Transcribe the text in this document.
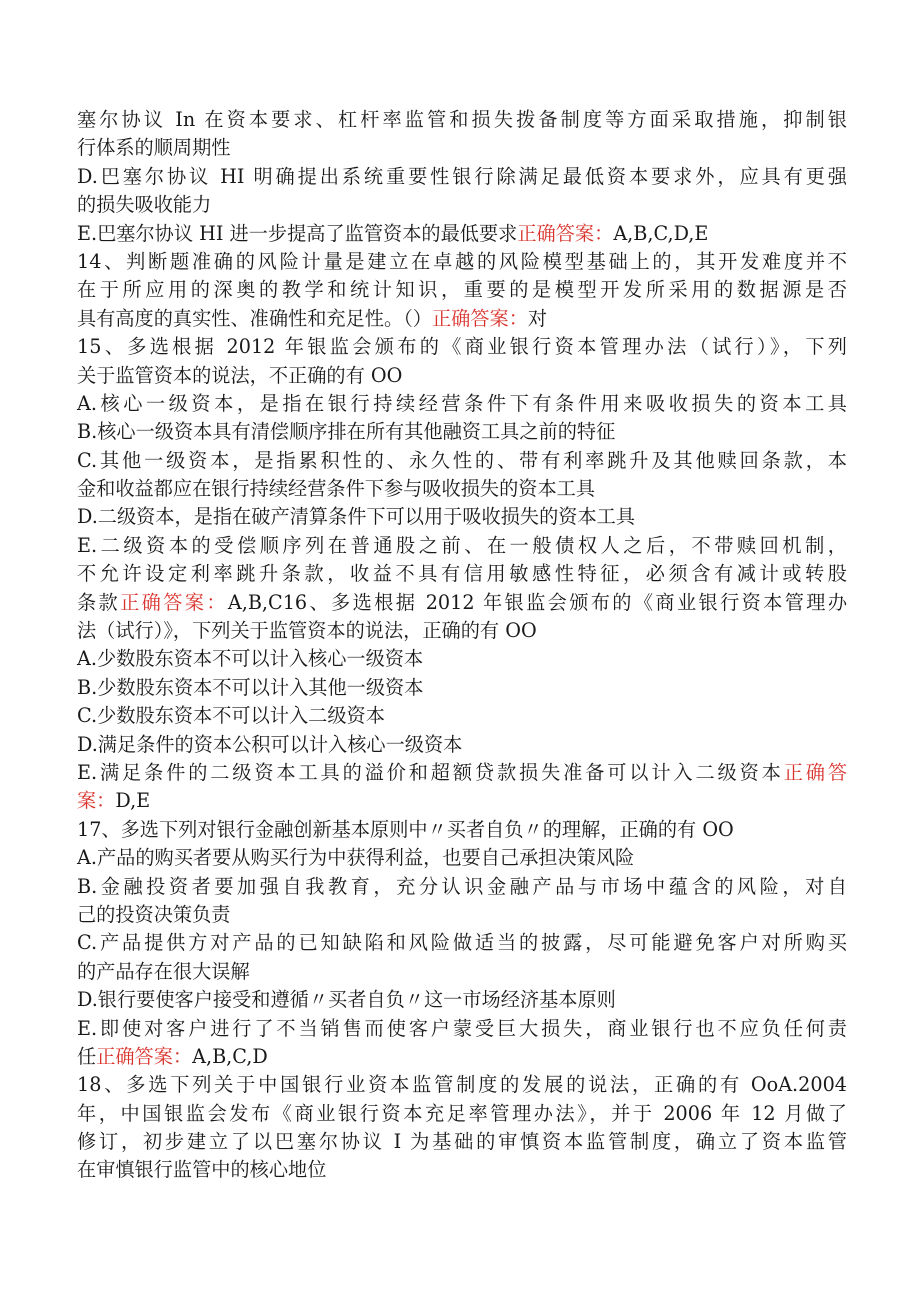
塞尔协议 In 在资本要求、杠杆率监管和损失拨备制度等方面采取措施，抑制银
行体系的顺周期性
D.巴塞尔协议 HI 明确提出系统重要性银行除满足最低资本要求外，应具有更强
的损失吸收能力
E.巴塞尔协议 HI 进一步提高了监管资本的最低要求正确答案：A,B,C,D,E
14、判断题准确的风险计量是建立在卓越的风险模型基础上的，其开发难度并不
在于所应用的深奥的教学和统计知识，重要的是模型开发所采用的数据源是否
具有高度的真实性、准确性和充足性。（）正确答案：对
15、多选根据 2012 年银监会颁布的《商业银行资本管理办法（试行）》，下列
关于监管资本的说法，不正确的有 OO
A.核心一级资本，是指在银行持续经营条件下有条件用来吸收损失的资本工具
B.核心一级资本具有清偿顺序排在所有其他融资工具之前的特征
C.其他一级资本，是指累积性的、永久性的、带有利率跳升及其他赎回条款，本
金和收益都应在银行持续经营条件下参与吸收损失的资本工具
D.二级资本，是指在破产清算条件下可以用于吸收损失的资本工具
E.二级资本的受偿顺序列在普通股之前、在一般债权人之后，不带赎回机制，
不允许设定利率跳升条款，收益不具有信用敏感性特征，必须含有减计或转股
条款正确答案：A,B,C16、多选根据 2012 年银监会颁布的《商业银行资本管理办
法（试行）》，下列关于监管资本的说法，正确的有 OO
A.少数股东资本不可以计入核心一级资本
B.少数股东资本不可以计入其他一级资本
C.少数股东资本不可以计入二级资本
D.满足条件的资本公积可以计入核心一级资本
E.满足条件的二级资本工具的溢价和超额贷款损失准备可以计入二级资本正确答
案：D,E
17、多选下列对银行金融创新基本原则中〃买者自负〃的理解，正确的有 OO
A.产品的购买者要从购买行为中获得利益，也要自己承担决策风险
B.金融投资者要加强自我教育，充分认识金融产品与市场中蕴含的风险，对自
己的投资决策负责
C.产品提供方对产品的已知缺陷和风险做适当的披露，尽可能避免客户对所购买
的产品存在很大误解
D.银行要使客户接受和遵循〃买者自负〃这一市场经济基本原则
E.即使对客户进行了不当销售而使客户蒙受巨大损失，商业银行也不应负任何责
任正确答案：A,B,C,D
18、多选下列关于中国银行业资本监管制度的发展的说法，正确的有 OoA.2004
年，中国银监会发布《商业银行资本充足率管理办法》，并于 2006 年 12 月做了
修订，初步建立了以巴塞尔协议 I 为基础的审慎资本监管制度，确立了资本监管
在审慎银行监管中的核心地位
